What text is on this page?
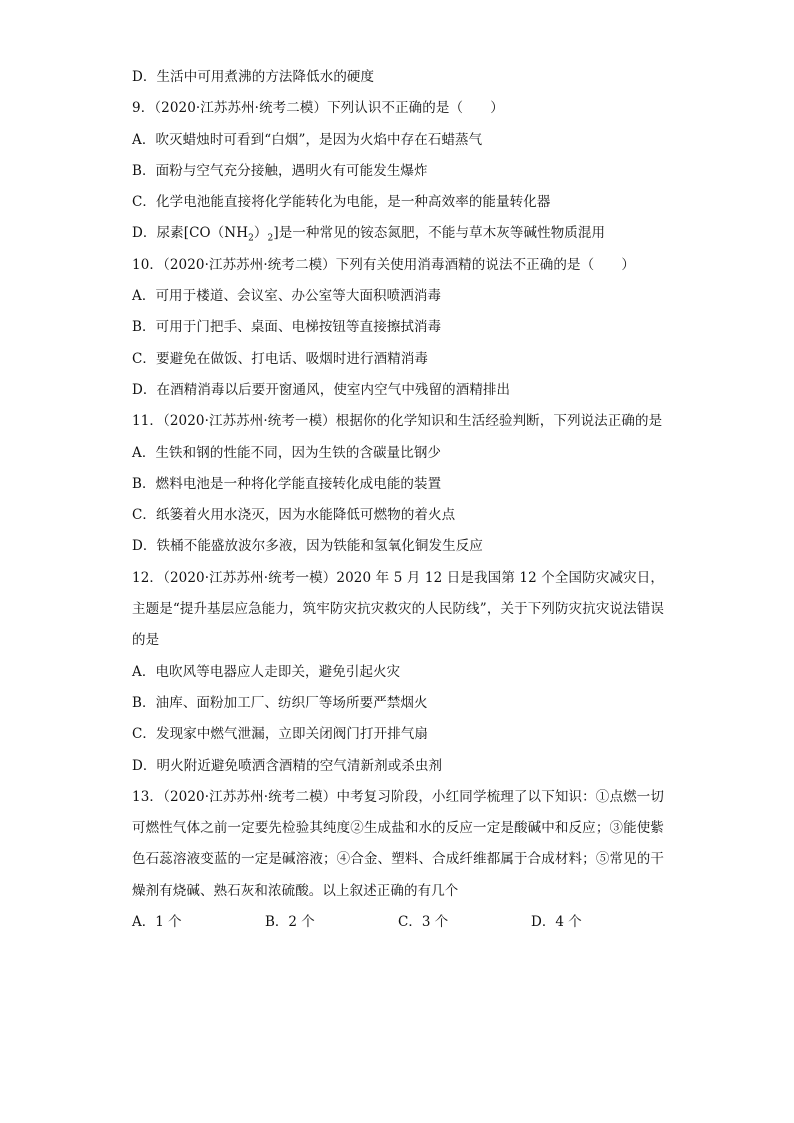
D．生活中可用煮沸的方法降低水的硬度
9．（2020·江苏苏州·统考二模）下列认识不正确的是（　　）
A．吹灭蜡烛时可看到“白烟”，是因为火焰中存在石蜡蒸气
B．面粉与空气充分接触，遇明火有可能发生爆炸
C．化学电池能直接将化学能转化为电能，是一种高效率的能量转化器
D．尿素$[CO(NH_2)_2]$是一种常见的铵态氮肥，不能与草木灰等碱性物质混用
10．（2020·江苏苏州·统考二模）下列有关使用消毒酒精的说法不正确的是（　　）
A．可用于楼道、会议室、办公室等大面积喷洒消毒
B．可用于门把手、桌面、电梯按钮等直接擦拭消毒
C．要避免在做饭、打电话、吸烟时进行酒精消毒
D．在酒精消毒以后要开窗通风，使室内空气中残留的酒精排出
11．（2020·江苏苏州·统考一模）根据你的化学知识和生活经验判断，下列说法正确的是
A．生铁和钢的性能不同，因为生铁的含碳量比钢少
B．燃料电池是一种将化学能直接转化成电能的装置
C．纸篓着火用水浇灭，因为水能降低可燃物的着火点
D．铁桶不能盛放波尔多液，因为铁能和氢氧化铜发生反应
12．（2020·江苏苏州·统考一模）2020 年 5 月 12 日是我国第 12 个全国防灾减灾日，主题是“提升基层应急能力，筑牢防灾抗灾救灾的人民防线”，关于下列防灾抗灾说法错误的是
A．电吹风等电器应人走即关，避免引起火灾
B．油库、面粉加工厂、纺织厂等场所要严禁烟火
C．发现家中燃气泄漏，立即关闭阀门打开排气扇
D．明火附近避免喷洒含酒精的空气清新剂或杀虫剂
13．（2020·江苏苏州·统考二模）中考复习阶段，小红同学梳理了以下知识：①点燃一切可燃性气体之前一定要先检验其纯度②生成盐和水的反应一定是酸碱中和反应；③能使紫色石蕊溶液变蓝的一定是碱溶液；④合金、塑料、合成纤维都属于合成材料；⑤常见的干燥剂有烧碱、熟石灰和浓硫酸。以上叙述正确的有几个
A．1 个	B．2 个	C．3 个	D．4 个
